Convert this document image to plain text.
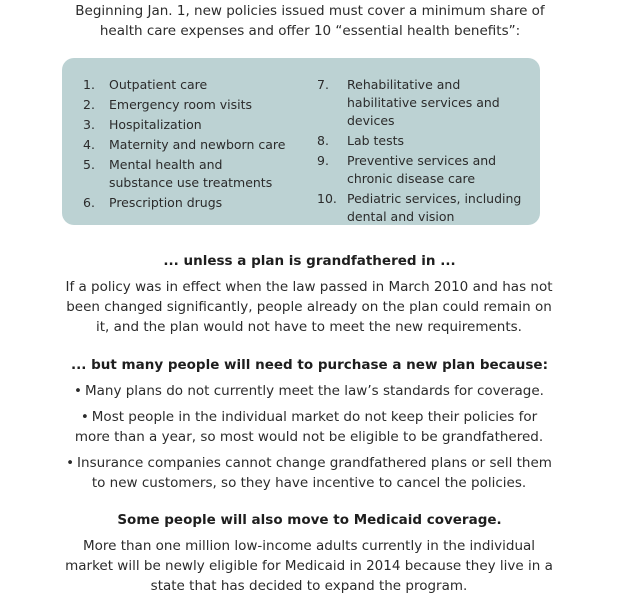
Beginning Jan. 1, new policies issued must cover a minimum share of
health care expenses and offer 10 “essential health benefits”:

1.	Outpatient care
2.	Emergency room visits
3.	Hospitalization
4.	Maternity and newborn care
5.	Mental health and substance use treatments
6.	Prescription drugs
7.	Rehabilitative and habilitative services and devices
8.	Lab tests
9.	Preventive services and chronic disease care
10. Pediatric services, including dental and vision
... unless a plan is grandfathered in ...

If a policy was in effect when the law passed in March 2010 and has not been changed significantly, people already on the plan could remain on it, and the plan would not have to meet the new requirements.

... but many people will need to purchase a new plan because:
• Many plans do not currently meet the law’s standards for coverage.
• Most people in the individual market do not keep their policies for more than a year, so most would not be eligible to be grandfathered.
• Insurance companies cannot change grandfathered plans or sell them to new customers, so they have incentive to cancel the policies.
Some people will also move to Medicaid coverage.

More than one million low-income adults currently in the individual market will be newly eligible for Medicaid in 2014 because they live in a state that has decided to expand the program.
